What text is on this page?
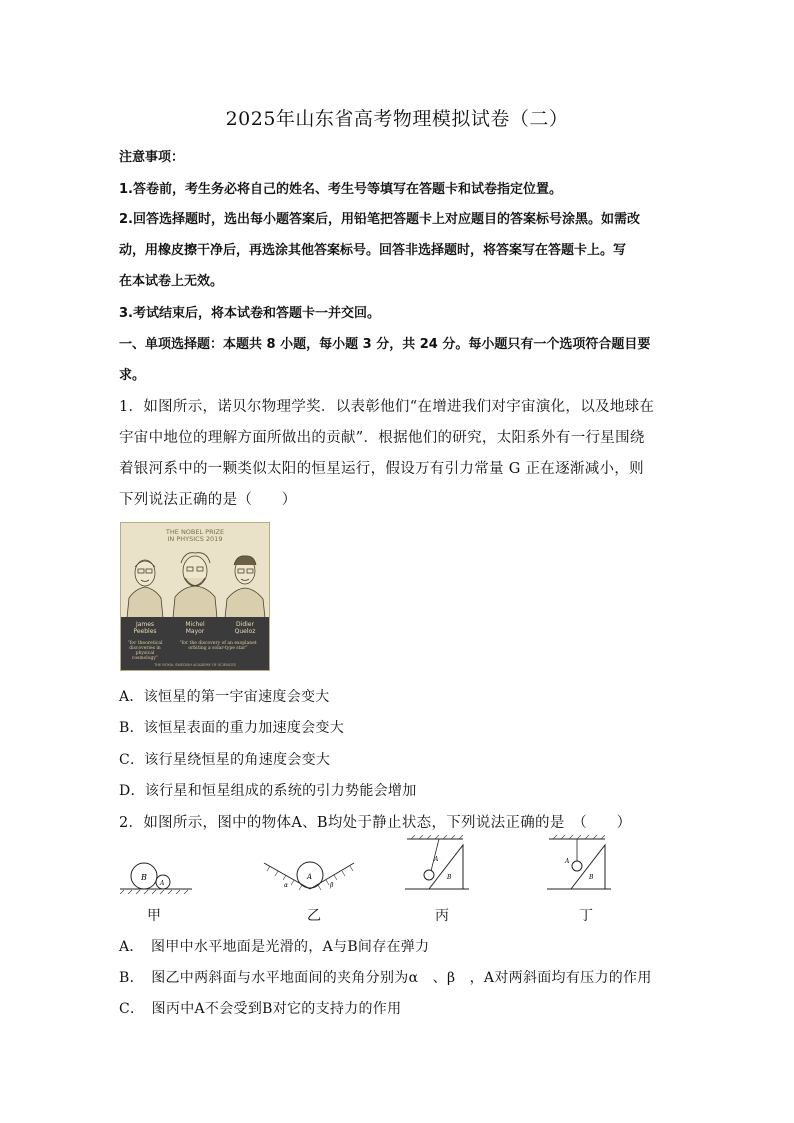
2025年山东省高考物理模拟试卷（二）
注意事项：
1.答卷前，考生务必将自己的姓名、考生号等填写在答题卡和试卷指定位置。
2.回答选择题时，选出每小题答案后，用铅笔把答题卡上对应题目的答案标号涂黑。如需改
动，用橡皮擦干净后，再选涂其他答案标号。回答非选择题时，将答案写在答题卡上。写
在本试卷上无效。
3.考试结束后，将本试卷和答题卡一并交回。
一、单项选择题：本题共 8 小题，每小题 3 分，共 24 分。每小题只有一个选项符合题目要
求。
1．如图所示，诺贝尔物理学奖．以表彰他们“在增进我们对宇宙演化，以及地球在
宇宙中地位的理解方面所做出的贡献”．根据他们的研究，太阳系外有一行星围绕
着银河系中的一颗类似太阳的恒星运行，假设万有引力常量 G 正在逐渐减小，则
下列说法正确的是（　　）
THE NOBEL PRIZE
IN PHYSICS 2019
James
Peebles
Michel
Mayor
Didier
Queloz
“for theoretical discoveries in physical cosmology”
“for the discovery of an exoplanet orbiting a solar-type star”
THE ROYAL SWEDISH ACADEMY OF SCIENCES
A．该恒星的第一宇宙速度会变大
B．该恒星表面的重力加速度会变大
C．该行星绕恒星的角速度会变大
D．该行星和恒星组成的系统的引力势能会增加
2．如图所示，图中的物体A、B均处于静止状态，下列说法正确的是　（　　）
B
A
A
α	β
A
B
A
B
甲	乙	丙	丁
A．　图甲中水平地面是光滑的，A与B间存在弹力
B．　图乙中两斜面与水平地面间的夹角分别为α　、β　，A对两斜面均有压力的作用
C．　图丙中A不会受到B对它的支持力的作用
